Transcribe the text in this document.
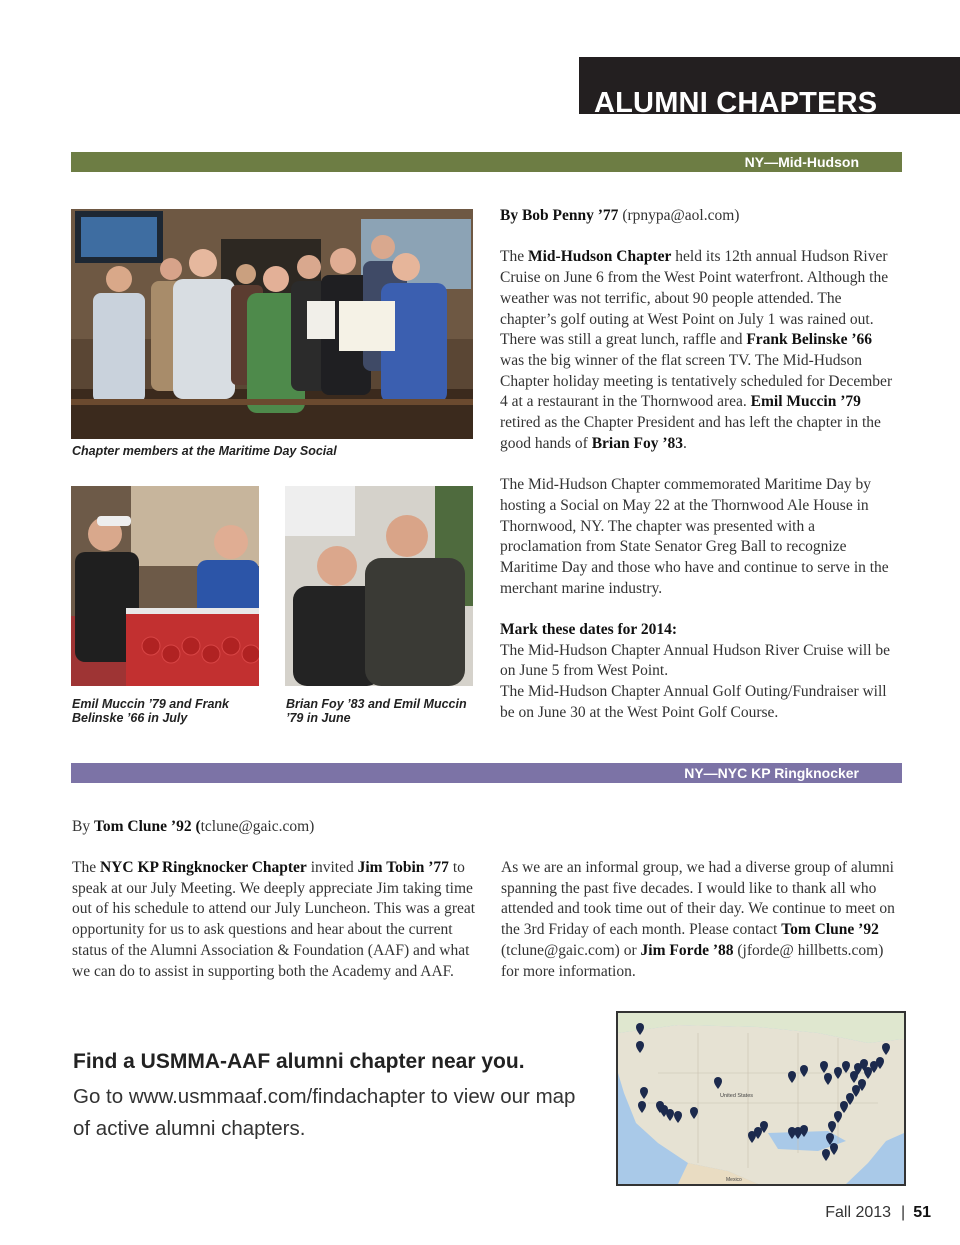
ALUMNI CHAPTERS
NY—Mid-Hudson
Chapter members at the Maritime Day Social
Emil Muccin ’79 and Frank Belinske ’66 in July
Brian Foy ’83 and Emil Muccin ’79 in June

By Bob Penny ’77 (rpnypa@aol.com)

The Mid-Hudson Chapter held its 12th annual Hudson River Cruise on June 6 from the West Point waterfront. Although the weather was not terrific, about 90 people attended. The chapter’s golf outing at West Point on July 1 was rained out. There was still a great lunch, raffle and Frank Belinske ’66 was the big winner of the flat screen TV. The Mid-Hudson Chapter holiday meeting is tentatively scheduled for December 4 at a restaurant in the Thornwood area. Emil Muccin ’79 retired as the Chapter President and has left the chapter in the good hands of Brian Foy ’83.

The Mid-Hudson Chapter commemorated Maritime Day by hosting a Social on May 22 at the Thornwood Ale House in Thornwood, NY. The chapter was presented with a proclamation from State Senator Greg Ball to recognize Maritime Day and those who have and continue to serve in the merchant marine industry.

Mark these dates for 2014:
The Mid-Hudson Chapter Annual Hudson River Cruise will be on June 5 from West Point.
The Mid-Hudson Chapter Annual Golf Outing/Fundraiser will be on June 30 at the West Point Golf Course.
NY—NYC KP Ringknocker
By Tom Clune ’92 (tclune@gaic.com)
The NYC KP Ringknocker Chapter invited Jim Tobin ’77 to speak at our July Meeting. We deeply appreciate Jim taking time out of his schedule to attend our July Luncheon. This was a great opportunity for us to ask questions and hear about the current status of the Alumni Association & Foundation (AAF) and what we can do to assist in supporting both the Academy and AAF.
As we are an informal group, we had a diverse group of alumni spanning the past five decades. I would like to thank all who attended and took time out of their day. We continue to meet on the 3rd Friday of each month. Please contact Tom Clune ’92 (tclune@gaic.com) or Jim Forde ’88 (jforde@ hillbetts.com) for more information.
Find a USMMA-AAF alumni chapter near you.
Go to www.usmmaaf.com/findachapter to view our map of active alumni chapters.
United States
Mexico
Fall 2013 | 51
